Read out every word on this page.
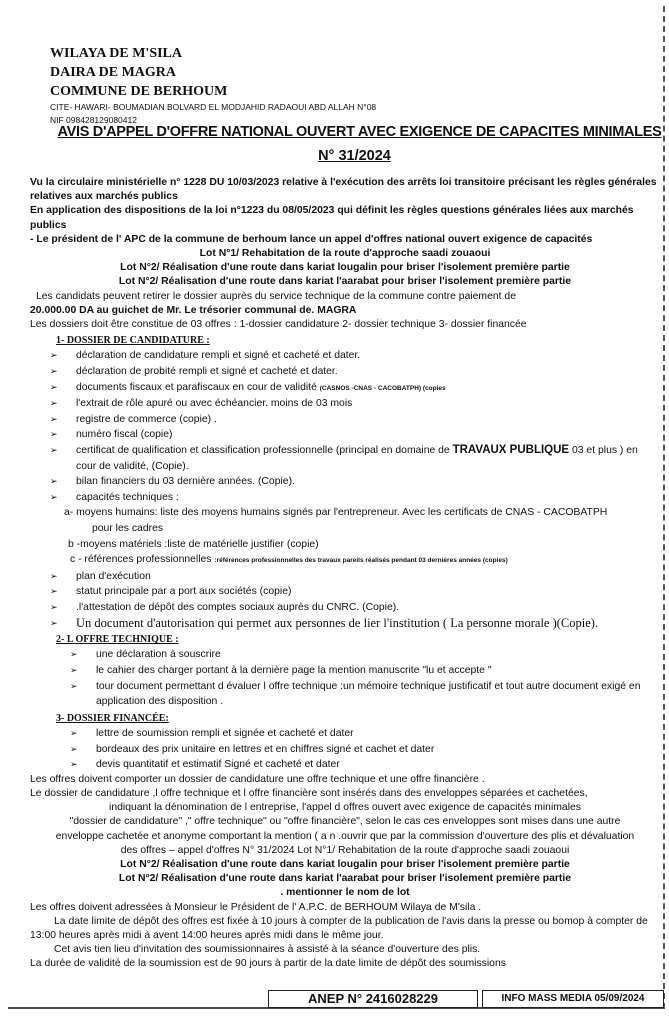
WILAYA DE M'SILA
DAIRA DE MAGRA
COMMUNE DE BERHOUM
CITE- HAWARI- BOUMADIAN BOLVARD EL MODJAHID RADAOUI ABD ALLAH N°08
NIF 098428129080412
AVIS D'APPEL D'OFFRE NATIONAL OUVERT AVEC EXIGENCE DE CAPACITES MINIMALES
N° 31/2024
Vu la circulaire ministérielle n° 1228 DU 10/03/2023 relative à l'exécution des arrêts loi transitoire précisant les règles générales relatives aux marchés publics
En application des dispositions de la loi n°1223 du 08/05/2023 qui définit les règles questions générales liées aux marchés publics
- Le président de l' APC de la commune de berhoum lance un appel d'offres national ouvert exigence de capacités
Lot N°1/ Rehabitation de la route d'approche saadi zouaoui
Lot N°2/ Réalisation d'une route dans kariat lougalin pour briser l'isolement première partie
Lot N°2/ Réalisation d'une route dans kariat l'aarabat pour briser l'isolement première partie
Les candidats peuvent retirer le dossier auprès du service technique de la commune contre paiement de
20.000.00 DA au guichet de Mr. Le trésorier communal de. MAGRA
Les dossiers doit être constitue de 03 offres : 1-dossier candidature 2- dossier technique 3- dossier financée
1- DOSSIER DE CANDIDATURE :
➢ déclaration de candidature rempli et signé et cacheté et dater.
➢ déclaration de probité rempli et signé et cacheté et dater.
➢ documents fiscaux et parafiscaux en cour de validité (CASNOS -CNAS - CACOBATPH) (copies
➢ l'extrait de rôle apuré ou avec échéancier. moins de 03 mois
➢ registre de commerce (copie) .
➢ numéro fiscal (copie)
➢ certificat de qualification et classification professionnelle (principal en domaine de TRAVAUX PUBLIQUE 03 et plus ) en cour de validité, (Copie).
➢ bilan financiers du 03 dernière années. (Copie).
➢ capacités techniques :
a- moyens humains: liste des moyens humains signés par l'entrepreneur. Avec les certificats de CNAS - CACOBATPH
pour les cadres
b -moyens matériels :liste de matérielle justifier (copie)
c - références professionnelles :références professionnelles des travaux pareils réalisés pendant 03 dernières années (copies)
➢ plan d'exécution
➢ statut principale par a port aux sociétés (copie)
➢ .l'attestation de dépôt des comptes sociaux auprès du CNRC. (Copie).
➢ Un document d'autorisation qui permet aux personnes de lier l'institution ( La personne morale )(Copie).
2- L OFFRE TECHNIQUE :
➢ une déclaration à souscrire
➢ le cahier des charger portant à la dernière page la mention manuscrite "lu et accepte "
➢ tour document permettant d évaluer l offre technique :un mémoire technique justificatif et tout autre document exigé en application des disposition .
3- DOSSIER FINANCÉE:
➢ lettre de soumission rempli et signée et cacheté et dater
➢ bordeaux des prix unitaire en lettres et en chiffres signé et cachet et dater
➢ devis quantitatif et estimatif Signé et cacheté et dater
Les offres doivent comporter un dossier de candidature une offre technique et une offre financière .
Le dossier de candidature ,l offre technique et l offre financière sont insérés dans des enveloppes séparées et cachetées,
indiquant la dénomination de l entreprise, l'appel d offres ouvert avec exigence de capacités minimales
"dossier de candidature" ," offre technique" ou "offre financière", selon le cas ces enveloppes sont mises dans une autre
enveloppe cachetée et anonyme comportant la mention ( a n .ouvrir que par la commission d'ouverture des plis et dévaluation
des offres – appel d'offres N° 31/2024 Lot N°1/ Rehabitation de la route d'approche saadi zouaoui
Lot N°2/ Réalisation d'une route dans kariat lougalin pour briser l'isolement première partie
Lot N°2/ Réalisation d'une route dans kariat l'aarabat pour briser l'isolement première partie
. mentionner le nom de lot
Les offres doivent adressées à Monsieur le Président de l' A.P.C. de BERHOUM Wilaya de M'sila .
La date limite de dépôt des offres est fixée à 10 jours à compter de la publication de l'avis dans la presse ou bomop à compter de 13:00 heures après midi à avent 14:00 heures après midi dans le même jour.
Cet avis tien lieu d'invitation des soumissionnaires à assisté à la séance d'ouverture des plis.
La durée de validité de la soumission est de 90 jours à partir de la date limite de dépôt des soumissions
ANEP N° 2416028229	INFO MASS MEDIA 05/09/2024
